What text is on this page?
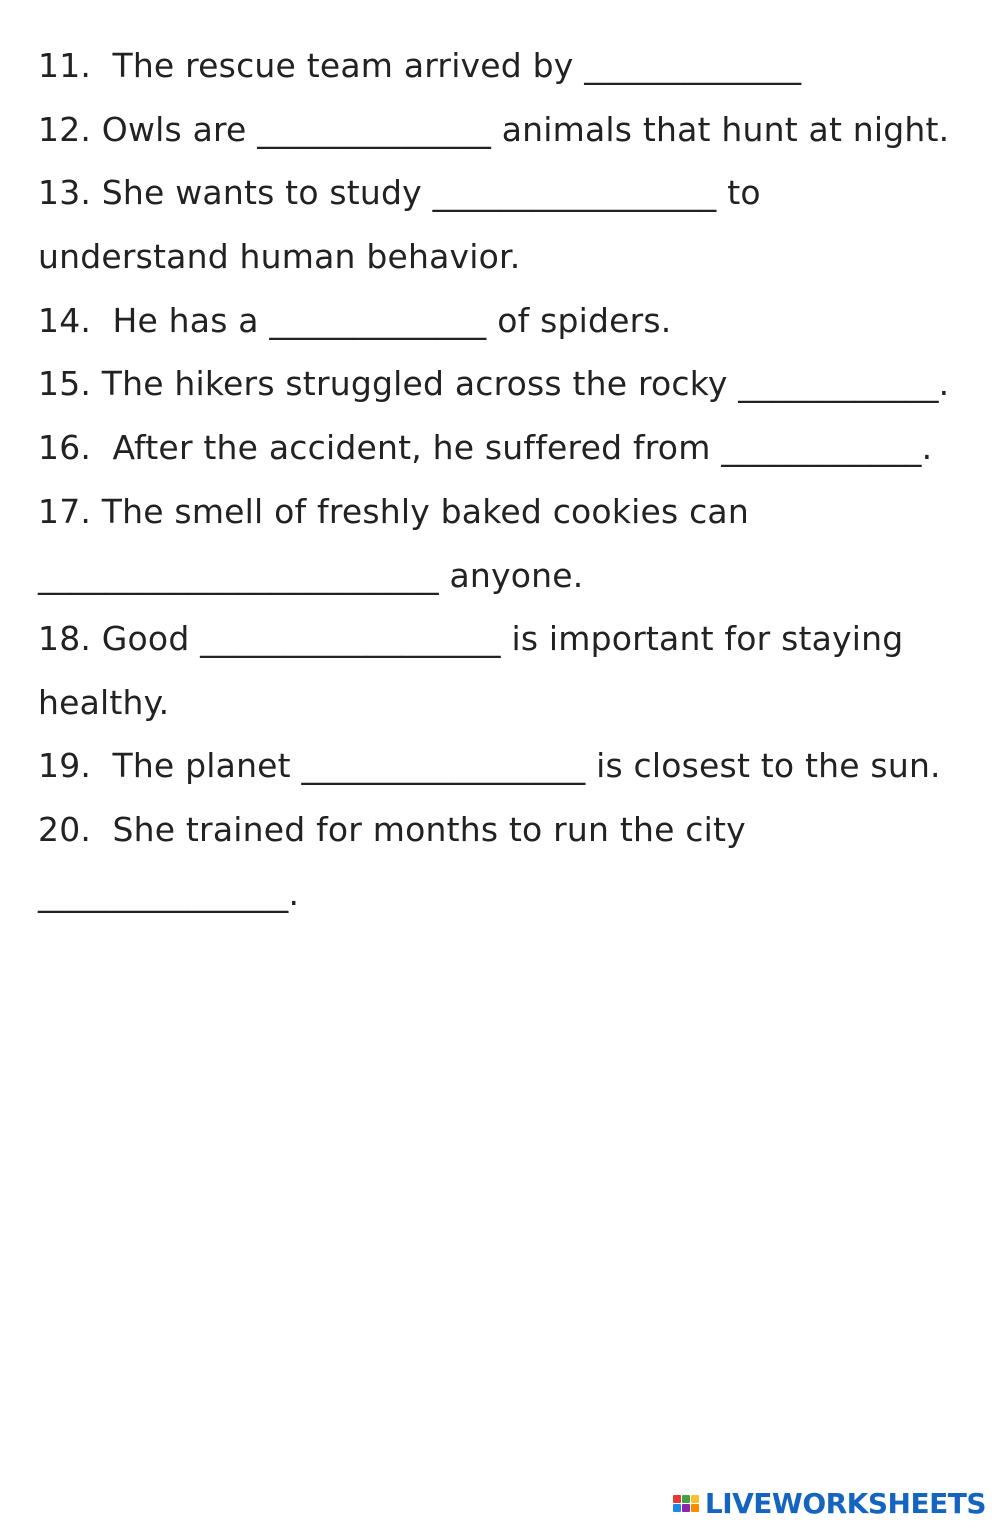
11.  The rescue team arrived by _____________
12. Owls are ______________ animals that hunt at night.
13. She wants to study _________________ to
understand human behavior.
14.  He has a _____________ of spiders.
15. The hikers struggled across the rocky ____________.
16.  After the accident, he suffered from ____________.
17. The smell of freshly baked cookies can
________________________ anyone.
18. Good __________________ is important for staying
healthy.
19.  The planet _________________ is closest to the sun.
20.  She trained for months to run the city
_______________.
LIVEWORKSHEETS
